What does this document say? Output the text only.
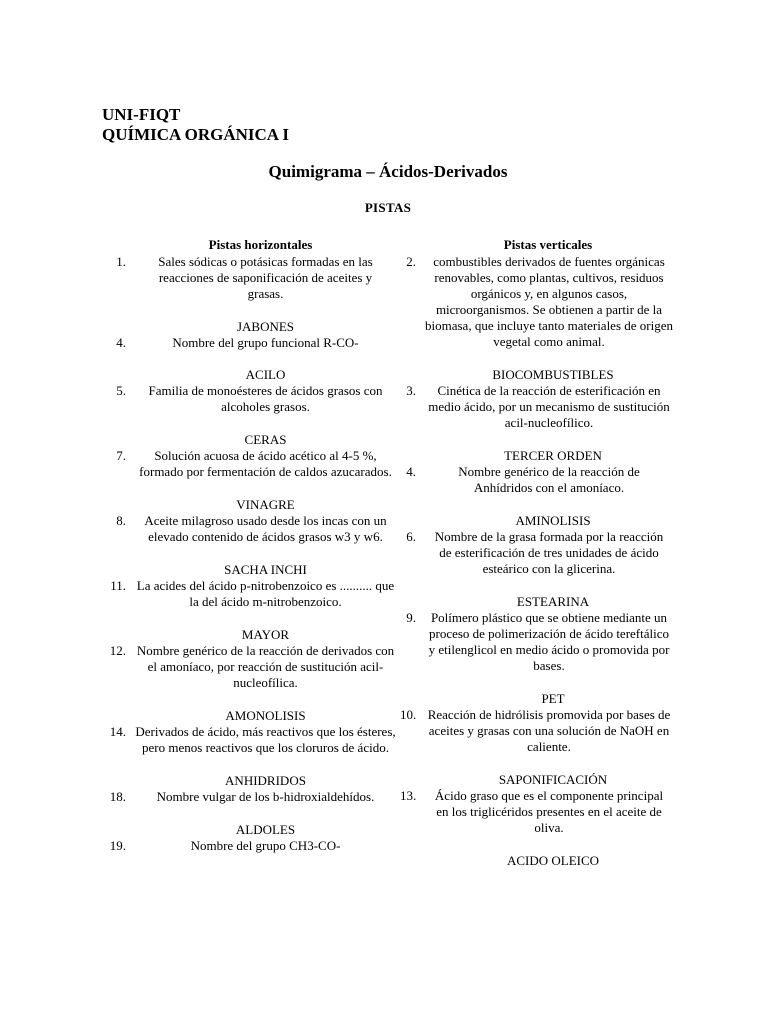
UNI-FIQT
QUÍMICA ORGÁNICA I
Quimigrama – Ácidos-Derivados
PISTAS
Pistas horizontales
1.	Sales sódicas o potásicas formadas en las reacciones de saponificación de aceites y grasas.
JABONES
4.	Nombre del grupo funcional R-CO-
ACILO
5.	Familia de monoésteres de ácidos grasos con alcoholes grasos.
CERAS
7.	Solución acuosa de ácido acético al 4-5 %, formado por fermentación de caldos azucarados.
VINAGRE
8.	Aceite milagroso usado desde los incas con un elevado contenido de ácidos grasos w3 y w6.
SACHA INCHI
11. La acides del ácido p-nitrobenzoico es .......... que la del ácido m-nitrobenzoico.
MAYOR
12. Nombre genérico de la reacción de derivados con el amoníaco, por reacción de sustitución acil-nucleofílica.
AMONOLISIS
14. Derivados de ácido, más reactivos que los ésteres, pero menos reactivos que los cloruros de ácido.
ANHIDRIDOS
18.	Nombre vulgar de los b-hidroxialdehídos.
ALDOLES
19.	Nombre del grupo CH3-CO-
Pistas verticales
2.	combustibles derivados de fuentes orgánicas renovables, como plantas, cultivos, residuos orgánicos y, en algunos casos, microorganismos. Se obtienen a partir de la biomasa, que incluye tanto materiales de origen vegetal como animal.
BIOCOMBUSTIBLES
3.	Cinética de la reacción de esterificación en medio ácido, por un mecanismo de sustitución acil-nucleofílico.
TERCER ORDEN
4.	Nombre genérico de la reacción de Anhídridos con el amoníaco.
AMINOLISIS
6.	Nombre de la grasa formada por la reacción de esterificación de tres unidades de ácido esteárico con la glicerina.
ESTEARINA
9.	Polímero plástico que se obtiene mediante un proceso de polimerización de ácido tereftálico y etilenglicol en medio ácido o promovida por bases.
PET
10. Reacción de hidrólisis promovida por bases de aceites y grasas con una solución de NaOH en caliente.
SAPONIFICACIÓN
13.	Ácido graso que es el componente principal en los triglicéridos presentes en el aceite de oliva.
ACIDO OLEICO
